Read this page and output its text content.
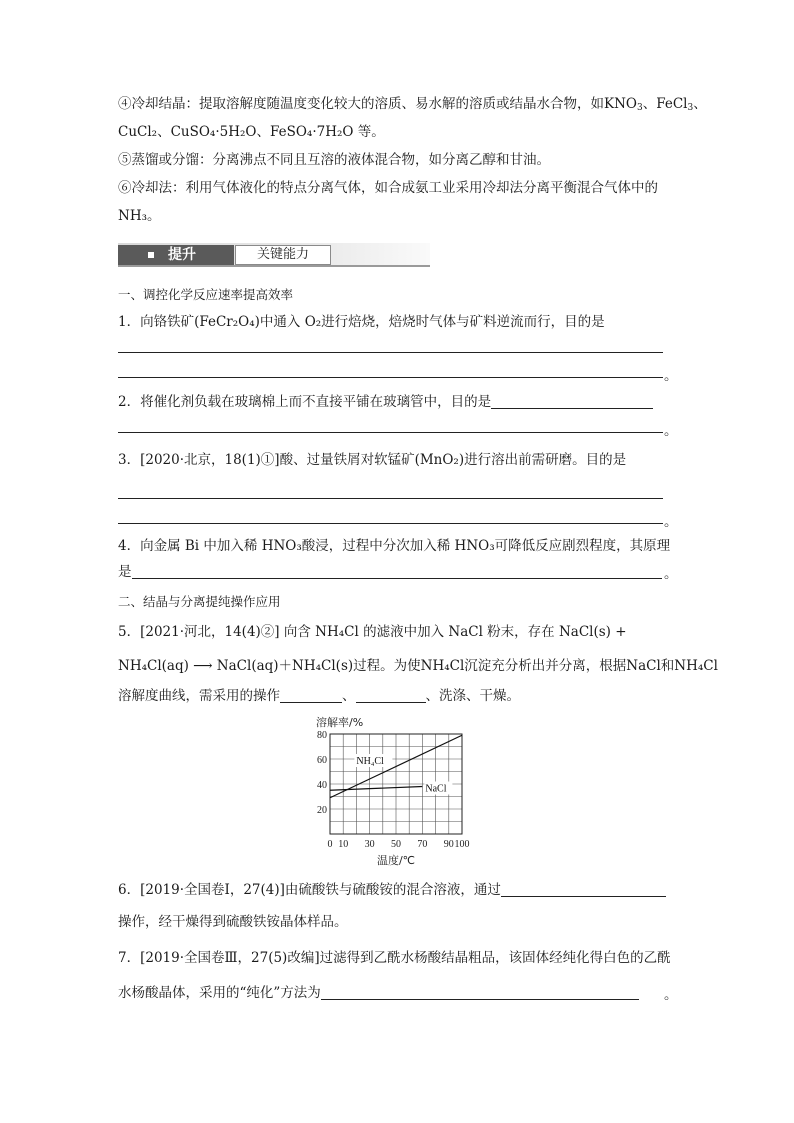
④冷却结晶：提取溶解度随温度变化较大的溶质、易水解的溶质或结晶水合物，如$KNO_3$、FeCl$_3$、
CuCl₂、CuSO₄·5H₂O、FeSO₄·7H₂O 等。
⑤蒸馏或分馏：分离沸点不同且互溶的液体混合物，如分离乙醇和甘油。
⑥冷却法：利用气体液化的特点分离气体，如合成氨工业采用冷却法分离平衡混合气体中的
NH₃。
提升	关键能力
一、调控化学反应速率提高效率
1．向铬铁矿(FeCr₂O₄)中通入 O₂进行焙烧，焙烧时气体与矿料逆流而行，目的是
。
2．将催化剂负载在玻璃棉上而不直接平铺在玻璃管中，目的是
。
3．[2020·北京，18(1)①]酸、过量铁屑对软锰矿(MnO₂)进行溶出前需研磨。目的是
。
4．向金属 Bi 中加入稀 HNO₃酸浸，过程中分次加入稀 HNO₃可降低反应剧烈程度，其原理
是	。
二、结晶与分离提纯操作应用
5．[2021·河北，14(4)②] 向含 NH₄Cl 的滤液中加入 NaCl 粉末，存在 NaCl(s) +
NH₄Cl(aq) ⟶ NaCl(aq)＋NH₄Cl(s)过程。为使NH₄Cl沉淀充分析出并分离，根据NaCl和NH₄Cl
溶解度曲线，需采用的操作	、	、洗涤、干燥。
20
40
60
80
0 10 30 50 70 90 100
溶解率/%
温度/℃
NH₄Cl
NaCl
6．[2019·全国卷Ⅰ，27(4)]由硫酸铁与硫酸铵的混合溶液，通过
操作，经干燥得到硫酸铁铵晶体样品。
7．[2019·全国卷Ⅲ，27(5)改编]过滤得到乙酰水杨酸结晶粗品，该固体经纯化得白色的乙酰
水杨酸晶体，采用的“纯化”方法为	。
